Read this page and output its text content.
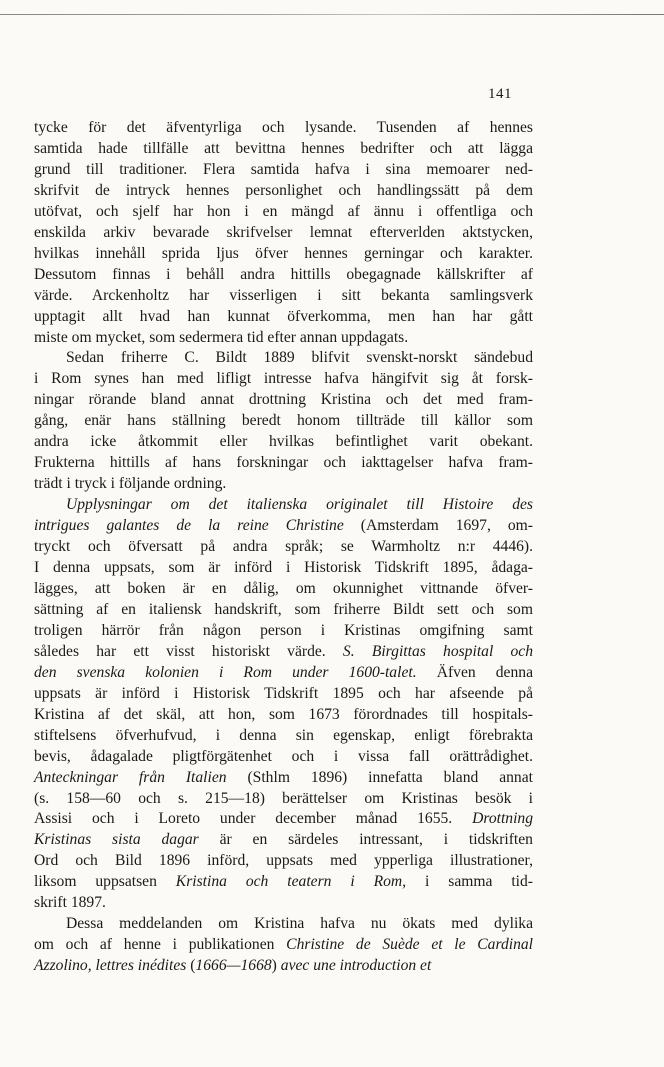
141
tycke för det äfventyrliga och lysande. Tusenden af hennes
samtida hade tillfälle att bevittna hennes bedrifter och att lägga
grund till traditioner. Flera samtida hafva i sina memoarer ned-
skrifvit de intryck hennes personlighet och handlingssätt på dem
utöfvat, och sjelf har hon i en mängd af ännu i offentliga och
enskilda arkiv bevarade skrifvelser lemnat efterverlden aktstycken,
hvilkas innehåll sprida ljus öfver hennes gerningar och karakter.
Dessutom finnas i behåll andra hittills obegagnade källskrifter af
värde. Arckenholtz har visserligen i sitt bekanta samlingsverk
upptagit allt hvad han kunnat öfverkomma, men han har gått
miste om mycket, som sedermera tid efter annan uppdagats.
Sedan friherre C. Bildt 1889 blifvit svenskt-norskt sändebud
i Rom synes han med lifligt intresse hafva hängifvit sig åt forsk-
ningar rörande bland annat drottning Kristina och det med fram-
gång, enär hans ställning beredt honom tillträde till källor som
andra icke åtkommit eller hvilkas befintlighet varit obekant.
Frukterna hittills af hans forskningar och iakttagelser hafva fram-
trädt i tryck i följande ordning.
Upplysningar om det italienska originalet till Histoire des
intrigues galantes de la reine Christine (Amsterdam 1697, om-
tryckt och öfversatt på andra språk; se Warmholtz n:r 4446).
I denna uppsats, som är införd i Historisk Tidskrift 1895, ådaga-
lägges, att boken är en dålig, om okunnighet vittnande öfver-
sättning af en italiensk handskrift, som friherre Bildt sett och som
troligen härrör från någon person i Kristinas omgifning samt
således har ett visst historiskt värde. S. Birgittas hospital och
den svenska kolonien i Rom under 1600-talet. Äfven denna
uppsats är införd i Historisk Tidskrift 1895 och har afseende på
Kristina af det skäl, att hon, som 1673 förordnades till hospitals-
stiftelsens öfverhufvud, i denna sin egenskap, enligt förebrakta
bevis, ådagalade pligtförgätenhet och i vissa fall orättrådighet.
Anteckningar från Italien (Sthlm 1896) innefatta bland annat
(s. 158—60 och s. 215—18) berättelser om Kristinas besök i
Assisi och i Loreto under december månad 1655. Drottning
Kristinas sista dagar är en särdeles intressant, i tidskriften
Ord och Bild 1896 införd, uppsats med ypperliga illustrationer,
liksom uppsatsen Kristina och teatern i Rom, i samma tid-
skrift 1897.
Dessa meddelanden om Kristina hafva nu ökats med dylika
om och af henne i publikationen Christine de Suède et le Cardinal
Azzolino, lettres inédites (1666—1668) avec une introduction et
